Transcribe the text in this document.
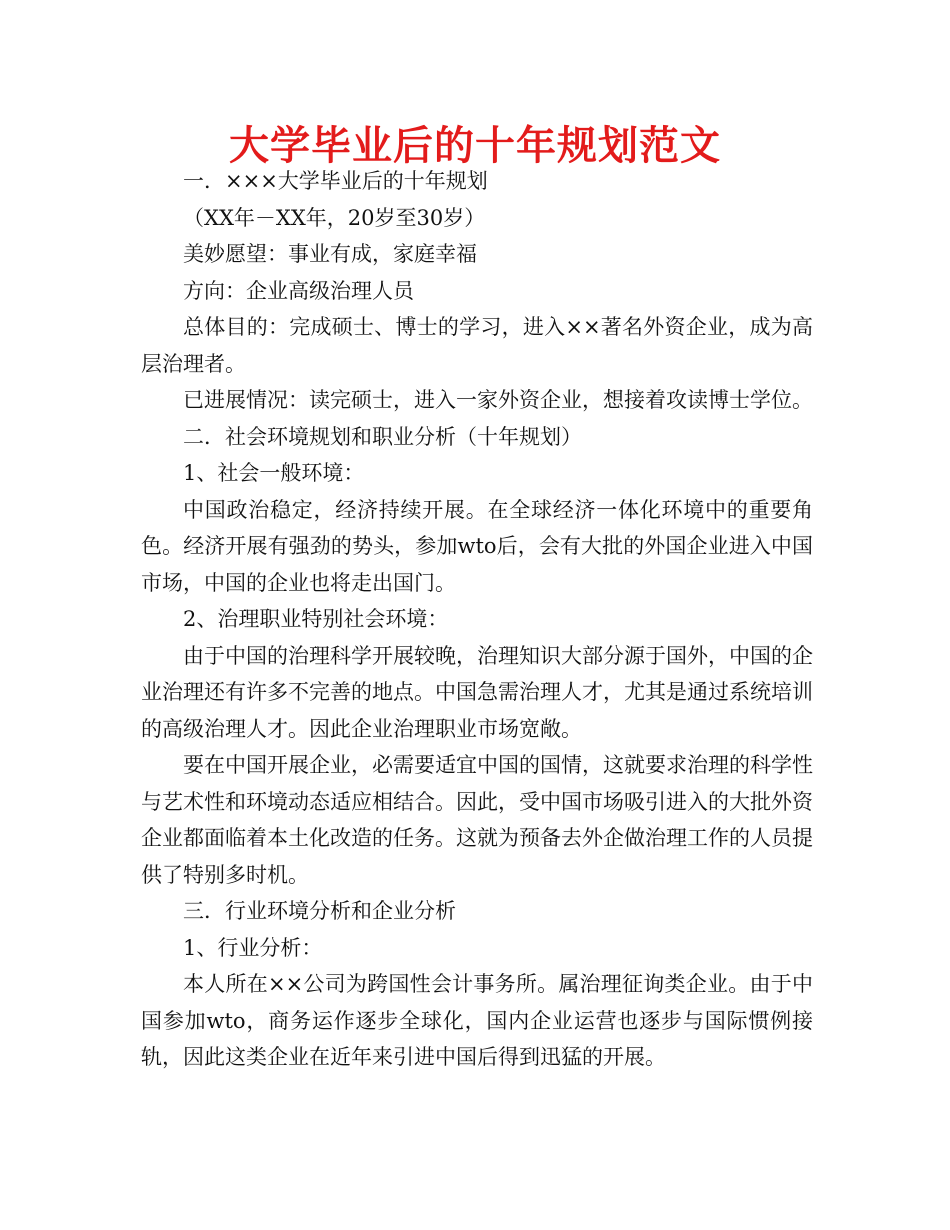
大学毕业后的十年规划范文

一．×××大学毕业后的十年规划

（XX年－XX年，20岁至30岁）

美妙愿望：事业有成，家庭幸福

方向：企业高级治理人员

总体目的：完成硕士、博士的学习，进入××著名外资企业，成为高层治理者。

已进展情况：读完硕士，进入一家外资企业，想接着攻读博士学位。

二．社会环境规划和职业分析（十年规划）

1、社会一般环境：

中国政治稳定，经济持续开展。在全球经济一体化环境中的重要角色。经济开展有强劲的势头，参加wto后，会有大批的外国企业进入中国市场，中国的企业也将走出国门。

2、治理职业特别社会环境：

由于中国的治理科学开展较晚，治理知识大部分源于国外，中国的企业治理还有许多不完善的地点。中国急需治理人才，尤其是通过系统培训的高级治理人才。因此企业治理职业市场宽敞。

要在中国开展企业，必需要适宜中国的国情，这就要求治理的科学性与艺术性和环境动态适应相结合。因此，受中国市场吸引进入的大批外资企业都面临着本土化改造的任务。这就为预备去外企做治理工作的人员提供了特别多时机。

三．行业环境分析和企业分析

1、行业分析：

本人所在××公司为跨国性会计事务所。属治理征询类企业。由于中国参加wto，商务运作逐步全球化，国内企业运营也逐步与国际惯例接轨，因此这类企业在近年来引进中国后得到迅猛的开展。
